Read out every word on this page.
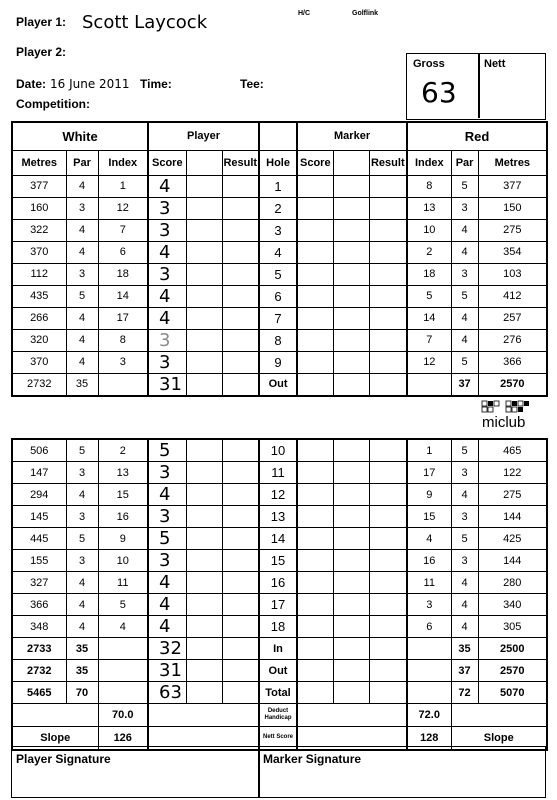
Player 1: Scott Laycock	H/C	Golflink
Player 2:
Date: 16 June 2011 Time:	Tee:
Competition:
Gross
63
Nett
White			Player				Marker			Red		
Metres	Par	Index	Score		Result	Hole	Score		Result	Index	Par	Metres
377	4	1	4			1				8	5	377
160	3	12	3			2				13	3	150
322	4	7	3			3				10	4	275
370	4	6	4			4				2	4	354
112	3	18	3			5				18	3	103
435	5	14	4			6				5	5	412
266	4	17	4			7				14	4	257
320	4	8	3			8				7	4	276
370	4	3	3			9				12	5	366
2732	35		31			Out					37	2570
miclub
506	5	2	5			10				1	5	465
147	3	13	3			11				17	3	122
294	4	15	4			12				9	4	275
145	3	16	3			13				15	3	144
445	5	9	5			14				4	5	425
155	3	10	3			15				16	3	144
327	4	11	4			16				11	4	280
366	4	5	4			17				3	4	340
348	4	4	4			18				6	4	305
2733	35		32			In					35	2500
2732	35		31			Out					37	2570
5465	70		63			Total					72	5070
		70.0				Deduct Handicap				72.0		
Slope		126				Nett Score				128	Slope	
Player Signature	Marker Signature
